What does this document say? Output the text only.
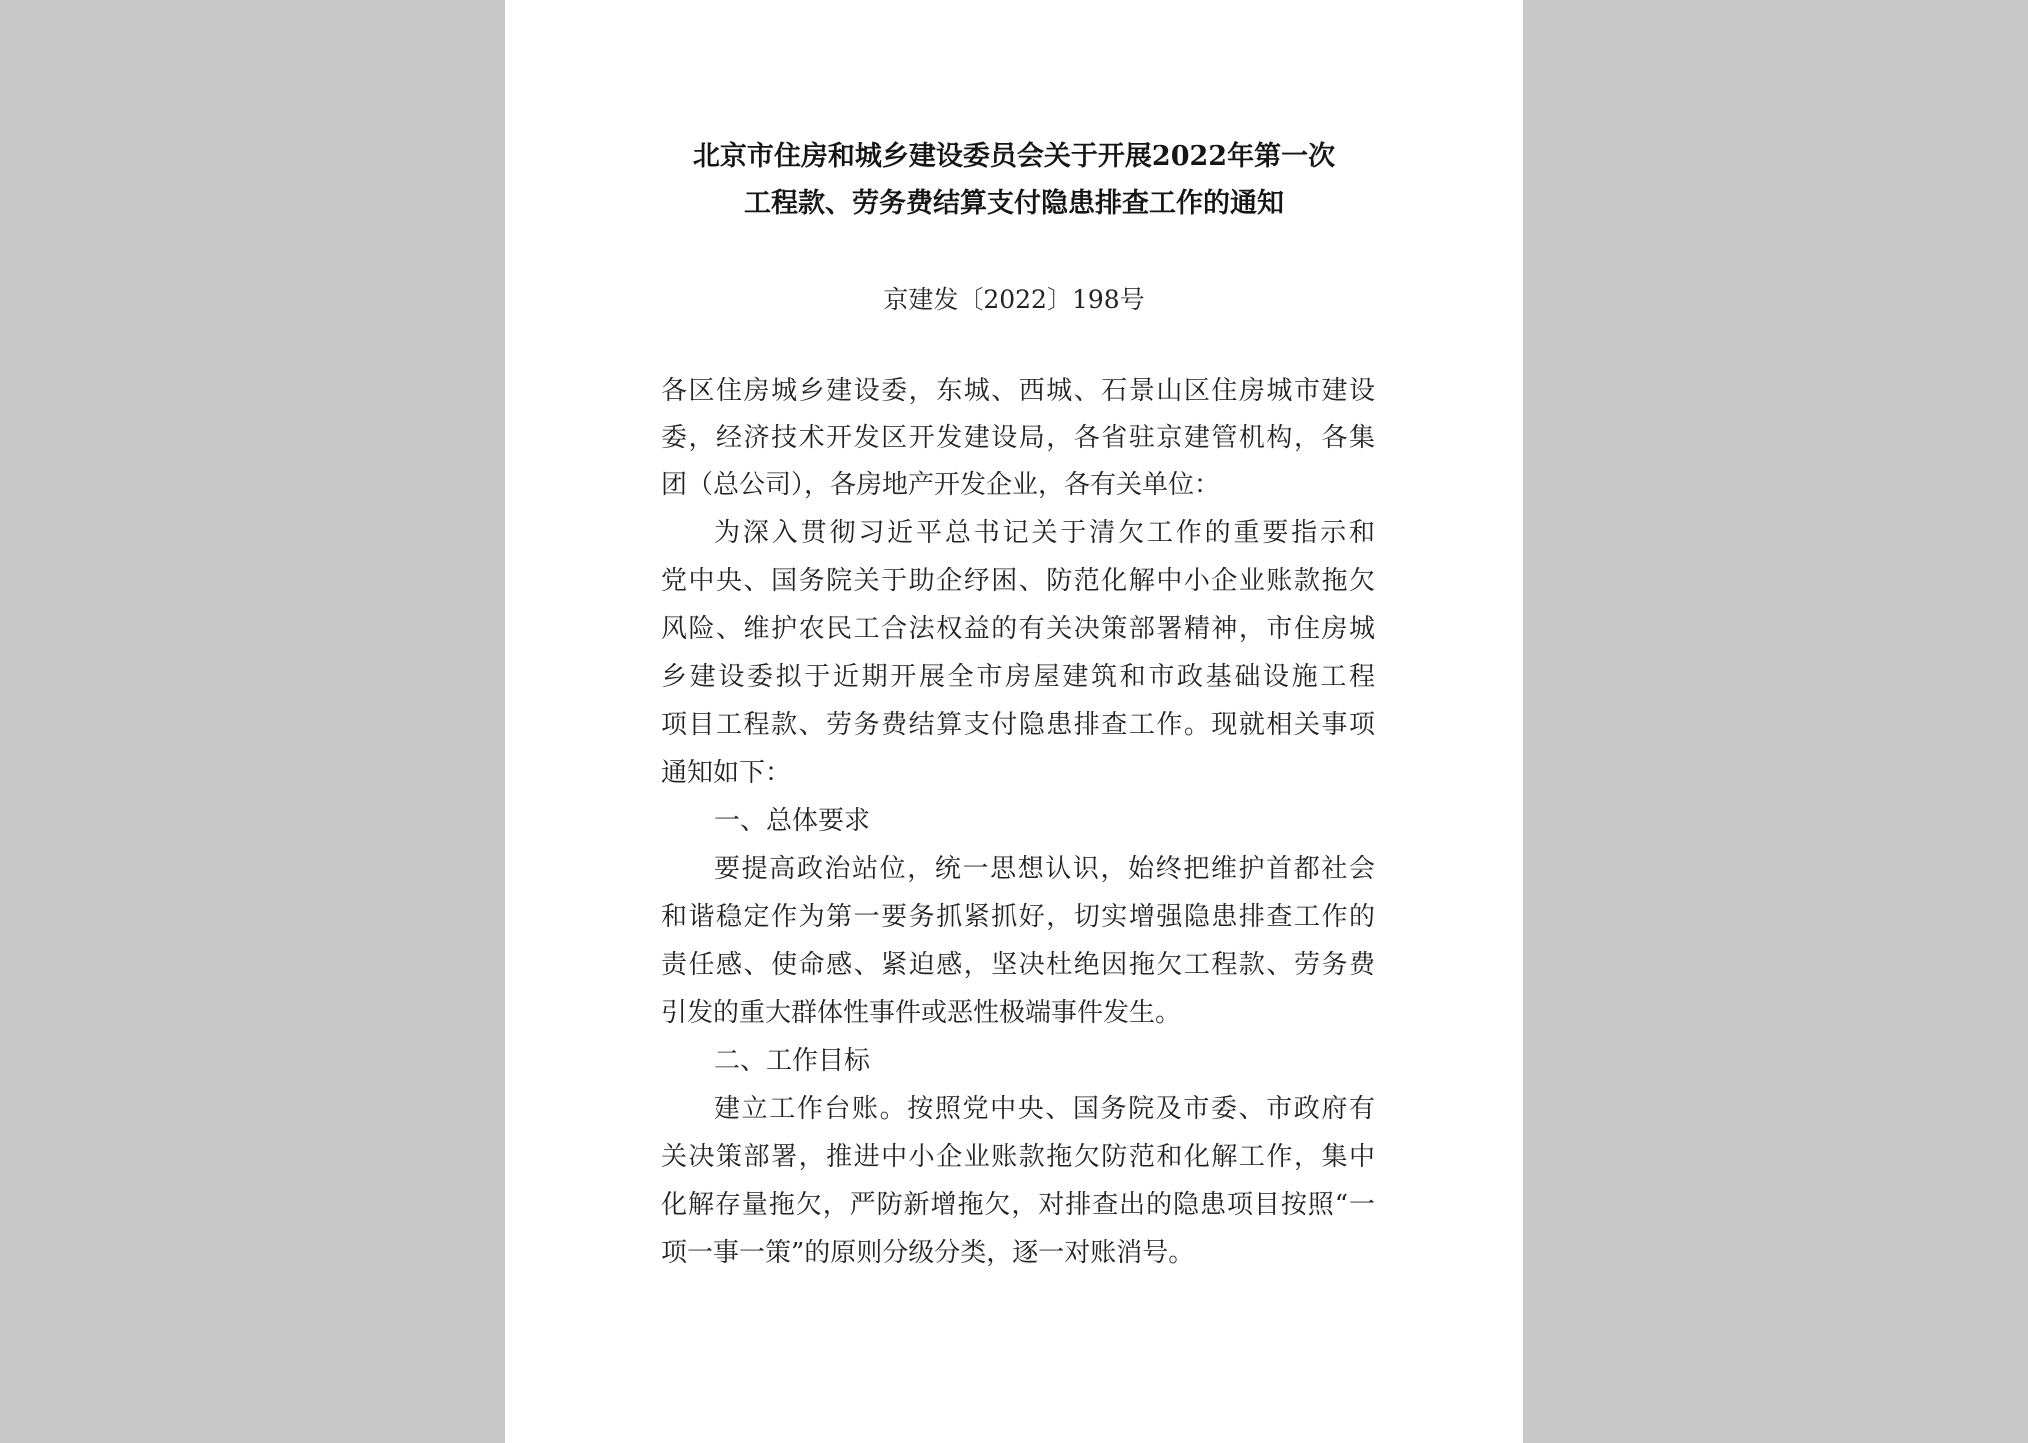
北京市住房和城乡建设委员会关于开展2022年第一次
工程款、劳务费结算支付隐患排查工作的通知
京建发〔2022〕198号
各区住房城乡建设委，东城、西城、石景山区住房城市建设
委，经济技术开发区开发建设局，各省驻京建管机构，各集
团（总公司），各房地产开发企业，各有关单位：
为深入贯彻习近平总书记关于清欠工作的重要指示和
党中央、国务院关于助企纾困、防范化解中小企业账款拖欠
风险、维护农民工合法权益的有关决策部署精神，市住房城
乡建设委拟于近期开展全市房屋建筑和市政基础设施工程
项目工程款、劳务费结算支付隐患排查工作。现就相关事项
通知如下：
一、总体要求
要提高政治站位，统一思想认识，始终把维护首都社会
和谐稳定作为第一要务抓紧抓好，切实增强隐患排查工作的
责任感、使命感、紧迫感，坚决杜绝因拖欠工程款、劳务费
引发的重大群体性事件或恶性极端事件发生。
二、工作目标
建立工作台账。按照党中央、国务院及市委、市政府有
关决策部署，推进中小企业账款拖欠防范和化解工作，集中
化解存量拖欠，严防新增拖欠，对排查出的隐患项目按照“一
项一事一策”的原则分级分类，逐一对账消号。
